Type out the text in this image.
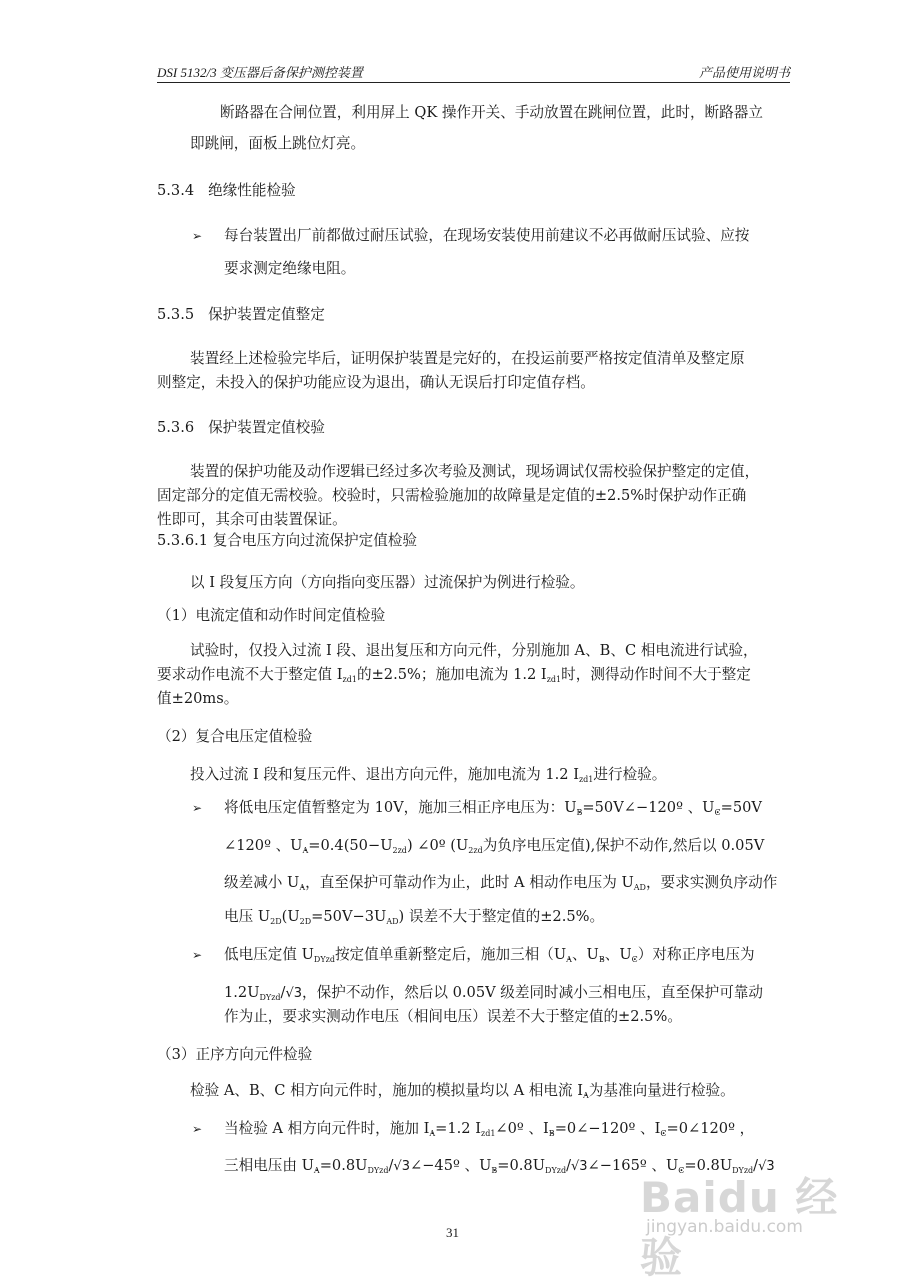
DSI 5132/3 变压器后备保护测控装置	产品使用说明书
断路器在合闸位置，利用屏上 QK 操作开关、手动放置在跳闸位置，此时，断路器立
即跳闸，面板上跳位灯亮。
5.3.4 绝缘性能检验
➢ 每台装置出厂前都做过耐压试验，在现场安装使用前建议不必再做耐压试验、应按
要求测定绝缘电阻。
5.3.5 保护装置定值整定
装置经上述检验完毕后，证明保护装置是完好的，在投运前要严格按定值清单及整定原
则整定，未投入的保护功能应设为退出，确认无误后打印定值存档。
5.3.6 保护装置定值校验
装置的保护功能及动作逻辑已经过多次考验及测试，现场调试仅需校验保护整定的定值，
固定部分的定值无需校验。校验时，只需检验施加的故障量是定值的±2.5%时保护动作正确
性即可，其余可由装置保证。
5.3.6.1 复合电压方向过流保护定值检验
以 I 段复压方向（方向指向变压器）过流保护为例进行检验。
（1）电流定值和动作时间定值检验
试验时，仅投入过流 I 段、退出复压和方向元件，分别施加 A、B、C 相电流进行试验，
要求动作电流不大于整定值 $I_{zd1}$的±2.5%；施加电流为 1.2 $I_{zd1}$时，测得动作时间不大于整定
值±20ms。
（2）复合电压定值检验
投入过流 I 段和复压元件、退出方向元件，施加电流为 1.2 $I_{zd1}$进行检验。
➢ 将低电压定值暂整定为 10V，施加三相正序电压为：$U_B=50V\angle-120º$ 、$U_C=50V$
∠120º 、$U_A=0.4(50-U_{2zd})$ ∠0º ($U_{2zd}$为负序电压定值),保护不动作,然后以 0.05V
级差减小 $U_A$，直至保护可靠动作为止，此时 A 相动作电压为 $U_{AD}$，要求实测负序动作
电压 $U_{2D}(U_{2D}=50V-3U_{AD})$ 误差不大于整定值的±2.5%。
➢ 低电压定值 $U_{DYzd}$按定值单重新整定后，施加三相（$U_A$、$U_B$、$U_C$）对称正序电压为
$1.2U_{DYzd}/√3$，保护不动作，然后以 0.05V 级差同时减小三相电压，直至保护可靠动
作为止，要求实测动作电压（相间电压）误差不大于整定值的±2.5%。
（3）正序方向元件检验
检验 A、B、C 相方向元件时，施加的模拟量均以 A 相电流 $I_A$为基准向量进行检验。
➢ 当检验 A 相方向元件时，施加 $I_A=1.2$ $I_{zd1}\angle 0º$ 、$I_B=0\angle-120º$ 、$I_C=0\angle 120º$ ，
三相电压由 $U_A=0.8U_{DYzd}/√3\angle-45º$ 、$U_B=0.8U_{DYzd}/√3\angle-165º$ 、$U_C=0.8U_{DYzd}/√3$
31
Baidu 经验
jingyan.baidu.com
